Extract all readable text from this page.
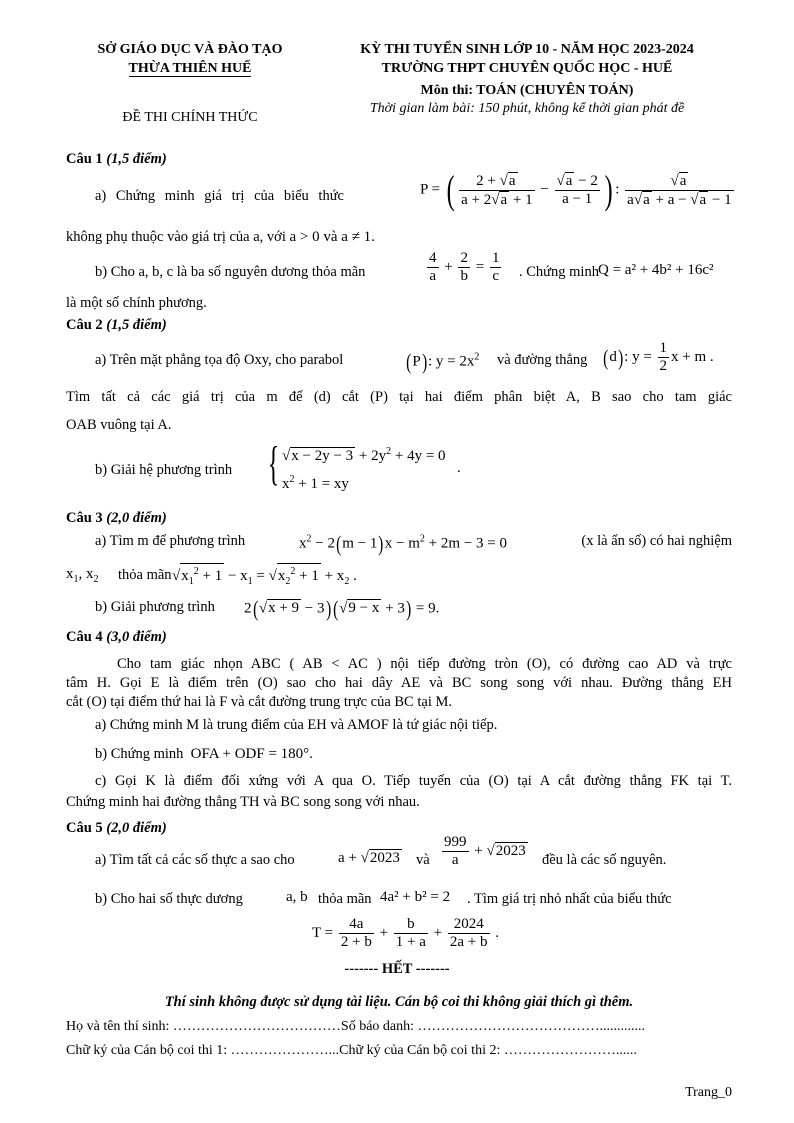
SỞ GIÁO DỤC VÀ ĐÀO TẠO
THỪA THIÊN HUẾ
ĐỀ THI CHÍNH THỨC
KỲ THI TUYỂN SINH LỚP 10 - NĂM HỌC 2023-2024
TRƯỜNG THPT CHUYÊN QUỐC HỌC - HUẾ
Môn thi: TOÁN (CHUYÊN TOÁN)
Thời gian làm bài: 150 phút, không kể thời gian phát đề
Câu 1 (1,5 điểm)
a) Chứng minh giá trị của biểu thức	P = ( $\frac{2 + √a}{a + 2√a + 1} - \frac{√a - 2}{a - 1}$ ) : $\frac{√a}{a√a + a - √a - 1}$
không phụ thuộc vào giá trị của a, với a > 0 và a ≠ 1.
b) Cho a, b, c là ba số nguyên dương thỏa mãn	$\frac{4}{a} + \frac{2}{b} = \frac{1}{c}$ . Chứng minh Q = a² + 4b² + 16c²
là một số chính phương.
Câu 2 (1,5 điểm)
a) Trên mặt phẳng tọa độ Oxy, cho parabol	(P): $y = 2x^2$ và đường thẳng (d): $y = \frac{1}{2}$ x + m .
Tìm tất cả các giá trị của m để (d) cắt (P) tại hai điểm phân biệt A, B sao cho tam giác
OAB vuông tại A.
b) Giải hệ phương trình { $√x - 2y - 3 + 2y^2 + 4y = 0$
$x^2 + 1$ = xy
.
Câu 3 (2,0 điểm)
a) Tìm m để phương trình	$x^2 - 2(m - 1)x - m^2 + 2m - 3 = 0$	(x là ẩn số) có hai nghiệm
$x_1$, $x_2$ thỏa mãn $√x_1^2 + 1 - x_1 = √x_2^2 + 1 + x_2$ .
b) Giải phương trình 2(√x + 9 − 3)(√9 − x + 3) = 9.
Câu 4 (3,0 điểm)
Cho tam giác nhọn ABC ( AB < AC ) nội tiếp đường tròn (O), có đường cao AD và trực
tâm H. Gọi E là điểm trên (O) sao cho hai dây AE và BC song song với nhau. Đường thẳng EH
cắt (O) tại điểm thứ hai là F và cắt đường trung trực của BC tại M.
a) Chứng minh M là trung điểm của EH và AMOF là tứ giác nội tiếp.
b) Chứng minh OFA + ODF = 180°.
c) Gọi K là điểm đối xứng với A qua O. Tiếp tuyến của (O) tại A cắt đường thẳng FK tại T.
Chứng minh hai đường thẳng TH và BC song song với nhau.
Câu 5 (2,0 điểm)
a) Tìm tất cả các số thực a sao cho	a + √2023 và $\frac{999}{a} + √2023$
đều là các số nguyên.
b) Cho hai số thực dương	a, b thỏa mãn 4a² + b² = 2 . Tìm giá trị nhỏ nhất của biểu thức
$T = \frac{4a}{2 + b} + \frac{b}{1 + a} + \frac{2024}{2a + b}$ .
------- HẾT -------
Thí sinh không được sử dụng tài liệu. Cán bộ coi thi không giải thích gì thêm.
Họ và tên thí sinh: ………………………………Số báo danh: ………………………………….............
Chữ ký của Cán bộ coi thi 1: …………………...Chữ ký của Cán bộ coi thi 2: ……………………......
Trang_0
